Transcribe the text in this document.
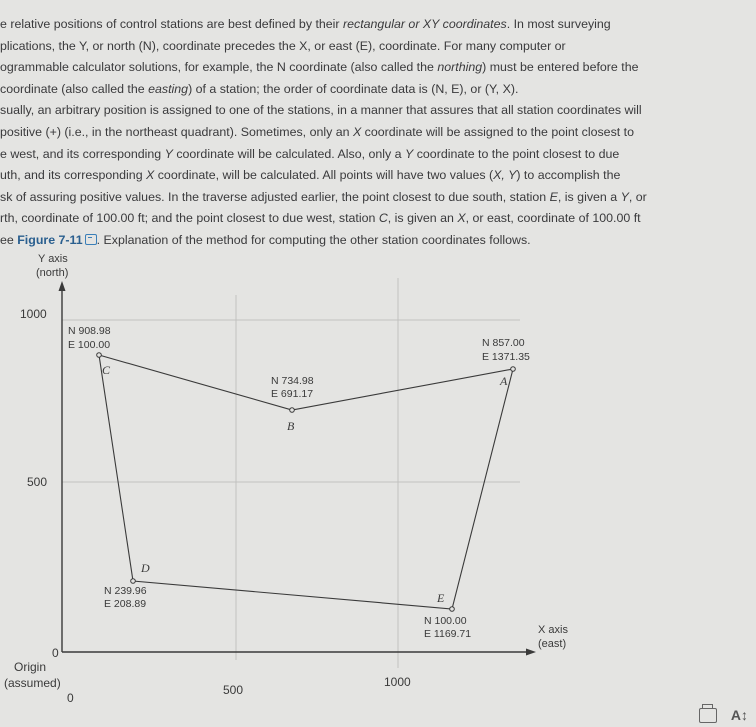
e relative positions of control stations are best defined by their rectangular or XY coordinates. In most surveying
plications, the Y, or north (N), coordinate precedes the X, or east (E), coordinate. For many computer or
ogrammable calculator solutions, for example, the N coordinate (also called the northing) must be entered before the
coordinate (also called the easting) of a station; the order of coordinate data is (N, E), or (Y, X).
sually, an arbitrary position is assigned to one of the stations, in a manner that assures that all station coordinates will
positive (+) (i.e., in the northeast quadrant). Sometimes, only an X coordinate will be assigned to the point closest to
e west, and its corresponding Y coordinate will be calculated. Also, only a Y coordinate to the point closest to due
uth, and its corresponding X coordinate, will be calculated. All points will have two values (X, Y) to accomplish the
sk of assuring positive values. In the traverse adjusted earlier, the point closest to due south, station E, is given a Y, or
rth, coordinate of 100.00 ft; and the point closest to due west, station C, is given an X, or east, coordinate of 100.00 ft
ee Figure 7-11 . Explanation of the method for computing the other station coordinates follows.
Y axis
(north)
X axis
(east)
Origin
(assumed)
1000
500
0
0
500
1000
N 908.98
E 100.00
C
N 734.98
E 691.17
B
N 857.00
E 1371.35
A
D
N 239.96
E 208.89	E
N 100.00
E 1169.71
A↕
